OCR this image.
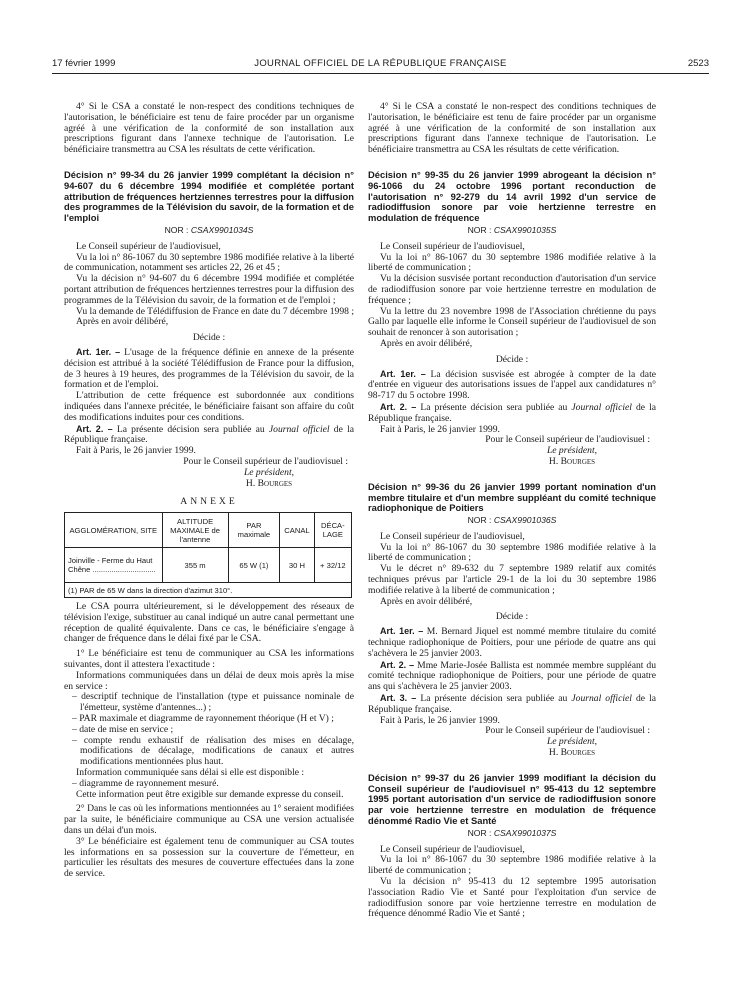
17 février 1999	JOURNAL OFFICIEL DE LA RÉPUBLIQUE FRANÇAISE	2523

4° Si le CSA a constaté le non-respect des conditions techniques de l'autorisation, le bénéficiaire est tenu de faire procéder par un organisme agréé à une vérification de la conformité de son installation aux prescriptions figurant dans l'annexe technique de l'autorisation. Le bénéficiaire transmettra au CSA les résultats de cette vérification.

Décision n° 99-34 du 26 janvier 1999 complétant la décision n° 94-607 du 6 décembre 1994 modifiée et complétée portant attribution de fréquences hertziennes terrestres pour la diffusion des programmes de la Télévision du savoir, de la formation et de l'emploi
NOR : CSAX9901034S

Le Conseil supérieur de l'audiovisuel,

Vu la loi n° 86-1067 du 30 septembre 1986 modifiée relative à la liberté de communication, notamment ses articles 22, 26 et 45 ;

Vu la décision n° 94-607 du 6 décembre 1994 modifiée et complétée portant attribution de fréquences hertziennes terrestres pour la diffusion des programmes de la Télévision du savoir, de la formation et de l'emploi ;

Vu la demande de Télédiffusion de France en date du 7 décembre 1998 ;

Après en avoir délibéré,

Décide :

Art. 1er. – L'usage de la fréquence définie en annexe de la présente décision est attribué à la société Télédiffusion de France pour la diffusion, de 3 heures à 19 heures, des programmes de la Télévision du savoir, de la formation et de l'emploi.

L'attribution de cette fréquence est subordonnée aux conditions indiquées dans l'annexe précitée, le bénéficiaire faisant son affaire du coût des modifications induites pour ces conditions.

Art. 2. – La présente décision sera publiée au Journal officiel de la République française.

Fait à Paris, le 26 janvier 1999.

Pour le Conseil supérieur de l'audiovisuel :

Le président,

H. Bourges

ANNEXE

AGGLOMÉRATION, SITE	ALTITUDE MAXIMALE de l'antenne	PAR maximale	CANAL	DÉCA-LAGE
Joinville - Ferme du Haut Chêne ..............................	355 m	65 W (1)	30 H	+ 32/12
(1) PAR de 65 W dans la direction d'azimut 310°.				

Le CSA pourra ultérieurement, si le développement des réseaux de télévision l'exige, substituer au canal indiqué un autre canal permettant une réception de qualité équivalente. Dans ce cas, le bénéficiaire s'engage à changer de fréquence dans le délai fixé par le CSA.

1° Le bénéficiaire est tenu de communiquer au CSA les informations suivantes, dont il attestera l'exactitude :

Informations communiquées dans un délai de deux mois après la mise en service :

– descriptif technique de l'installation (type et puissance nominale de l'émetteur, système d'antennes...) ;

– PAR maximale et diagramme de rayonnement théorique (H et V) ;

– date de mise en service ;

– compte rendu exhaustif de réalisation des mises en décalage, modifications de décalage, modifications de canaux et autres modifications mentionnées plus haut.

Information communiquée sans délai si elle est disponible :

– diagramme de rayonnement mesuré.

Cette information peut être exigible sur demande expresse du conseil.

2° Dans le cas où les informations mentionnées au 1° seraient modifiées par la suite, le bénéficiaire communique au CSA une version actualisée dans un délai d'un mois.

3° Le bénéficiaire est également tenu de communiquer au CSA toutes les informations en sa possession sur la couverture de l'émetteur, en particulier les résultats des mesures de couverture effectuées dans la zone de service.

4° Si le CSA a constaté le non-respect des conditions techniques de l'autorisation, le bénéficiaire est tenu de faire procéder par un organisme agréé à une vérification de la conformité de son installation aux prescriptions figurant dans l'annexe technique de l'autorisation. Le bénéficiaire transmettra au CSA les résultats de cette vérification.

Décision n° 99-35 du 26 janvier 1999 abrogeant la décision n° 96-1066 du 24 octobre 1996 portant reconduction de l'autorisation n° 92-279 du 14 avril 1992 d'un service de radiodiffusion sonore par voie hertzienne terrestre en modulation de fréquence
NOR : CSAX9901035S

Le Conseil supérieur de l'audiovisuel,

Vu la loi n° 86-1067 du 30 septembre 1986 modifiée relative à la liberté de communication ;

Vu la décision susvisée portant reconduction d'autorisation d'un service de radiodiffusion sonore par voie hertzienne terrestre en modulation de fréquence ;

Vu la lettre du 23 novembre 1998 de l'Association chrétienne du pays Gallo par laquelle elle informe le Conseil supérieur de l'audiovisuel de son souhait de renoncer à son autorisation ;

Après en avoir délibéré,

Décide :

Art. 1er. – La décision susvisée est abrogée à compter de la date d'entrée en vigueur des autorisations issues de l'appel aux candidatures n° 98-717 du 5 octobre 1998.

Art. 2. – La présente décision sera publiée au Journal officiel de la République française.

Fait à Paris, le 26 janvier 1999.

Pour le Conseil supérieur de l'audiovisuel :

Le président,

H. Bourges

Décision n° 99-36 du 26 janvier 1999 portant nomination d'un membre titulaire et d'un membre suppléant du comité technique radiophonique de Poitiers
NOR : CSAX9901036S

Le Conseil supérieur de l'audiovisuel,

Vu la loi n° 86-1067 du 30 septembre 1986 modifiée relative à la liberté de communication ;

Vu le décret n° 89-632 du 7 septembre 1989 relatif aux comités techniques prévus par l'article 29-1 de la loi du 30 septembre 1986 modifiée relative à la liberté de communication ;

Après en avoir délibéré,

Décide :

Art. 1er. – M. Bernard Jiquel est nommé membre titulaire du comité technique radiophonique de Poitiers, pour une période de quatre ans qui s'achèvera le 25 janvier 2003.

Art. 2. – Mme Marie-Josée Ballista est nommée membre suppléant du comité technique radiophonique de Poitiers, pour une période de quatre ans qui s'achèvera le 25 janvier 2003.

Art. 3. – La présente décision sera publiée au Journal officiel de la République française.

Fait à Paris, le 26 janvier 1999.

Pour le Conseil supérieur de l'audiovisuel :

Le président,

H. Bourges

Décision n° 99-37 du 26 janvier 1999 modifiant la décision du Conseil supérieur de l'audiovisuel n° 95-413 du 12 septembre 1995 portant autorisation d'un service de radiodiffusion sonore par voie hertzienne terrestre en modulation de fréquence dénommé Radio Vie et Santé
NOR : CSAX9901037S

Le Conseil supérieur de l'audiovisuel,

Vu la loi n° 86-1067 du 30 septembre 1986 modifiée relative à la liberté de communication ;

Vu la décision n° 95-413 du 12 septembre 1995 autorisation l'association Radio Vie et Santé pour l'exploitation d'un service de radiodiffusion sonore par voie hertzienne terrestre en modulation de fréquence dénommé Radio Vie et Santé ;
